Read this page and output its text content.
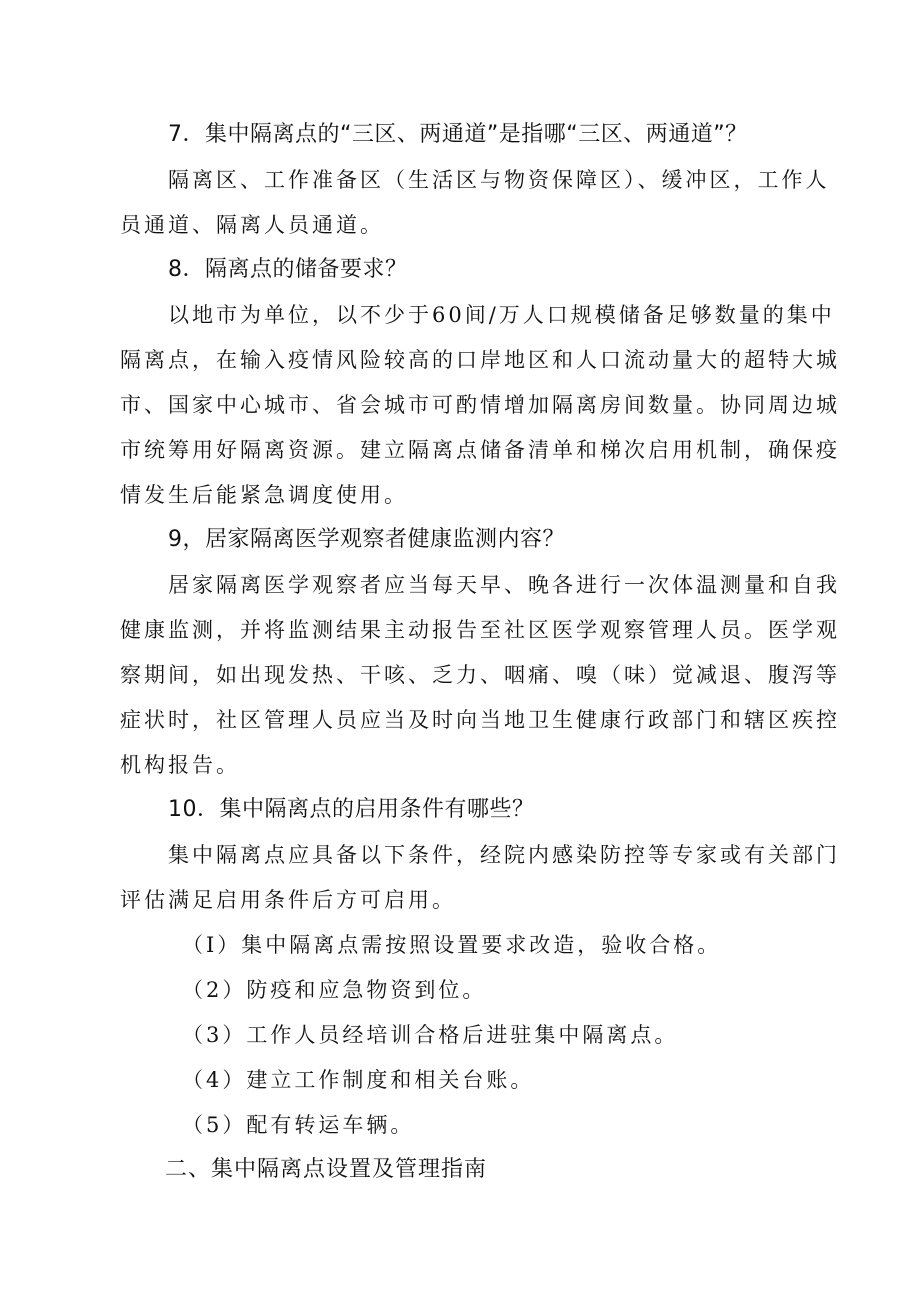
7．集中隔离点的“三区、两通道”是指哪“三区、两通道”？
隔离区、工作准备区（生活区与物资保障区）、缓冲区，工作人
员通道、隔离人员通道。
8．隔离点的储备要求？
以地市为单位，以不少于60间/万人口规模储备足够数量的集中
隔离点，在输入疫情风险较高的口岸地区和人口流动量大的超特大城
市、国家中心城市、省会城市可酌情增加隔离房间数量。协同周边城
市统筹用好隔离资源。建立隔离点储备清单和梯次启用机制，确保疫
情发生后能紧急调度使用。
9，居家隔离医学观察者健康监测内容？
居家隔离医学观察者应当每天早、晚各进行一次体温测量和自我
健康监测，并将监测结果主动报告至社区医学观察管理人员。医学观
察期间，如出现发热、干咳、乏力、咽痛、嗅（味）觉减退、腹泻等
症状时，社区管理人员应当及时向当地卫生健康行政部门和辖区疾控
机构报告。
10．集中隔离点的启用条件有哪些？
集中隔离点应具备以下条件，经院内感染防控等专家或有关部门
评估满足启用条件后方可启用。
（I）集中隔离点需按照设置要求改造，验收合格。
（2）防疫和应急物资到位。
（3）工作人员经培训合格后进驻集中隔离点。
（4）建立工作制度和相关台账。
（5）配有转运车辆。
二、集中隔离点设置及管理指南
